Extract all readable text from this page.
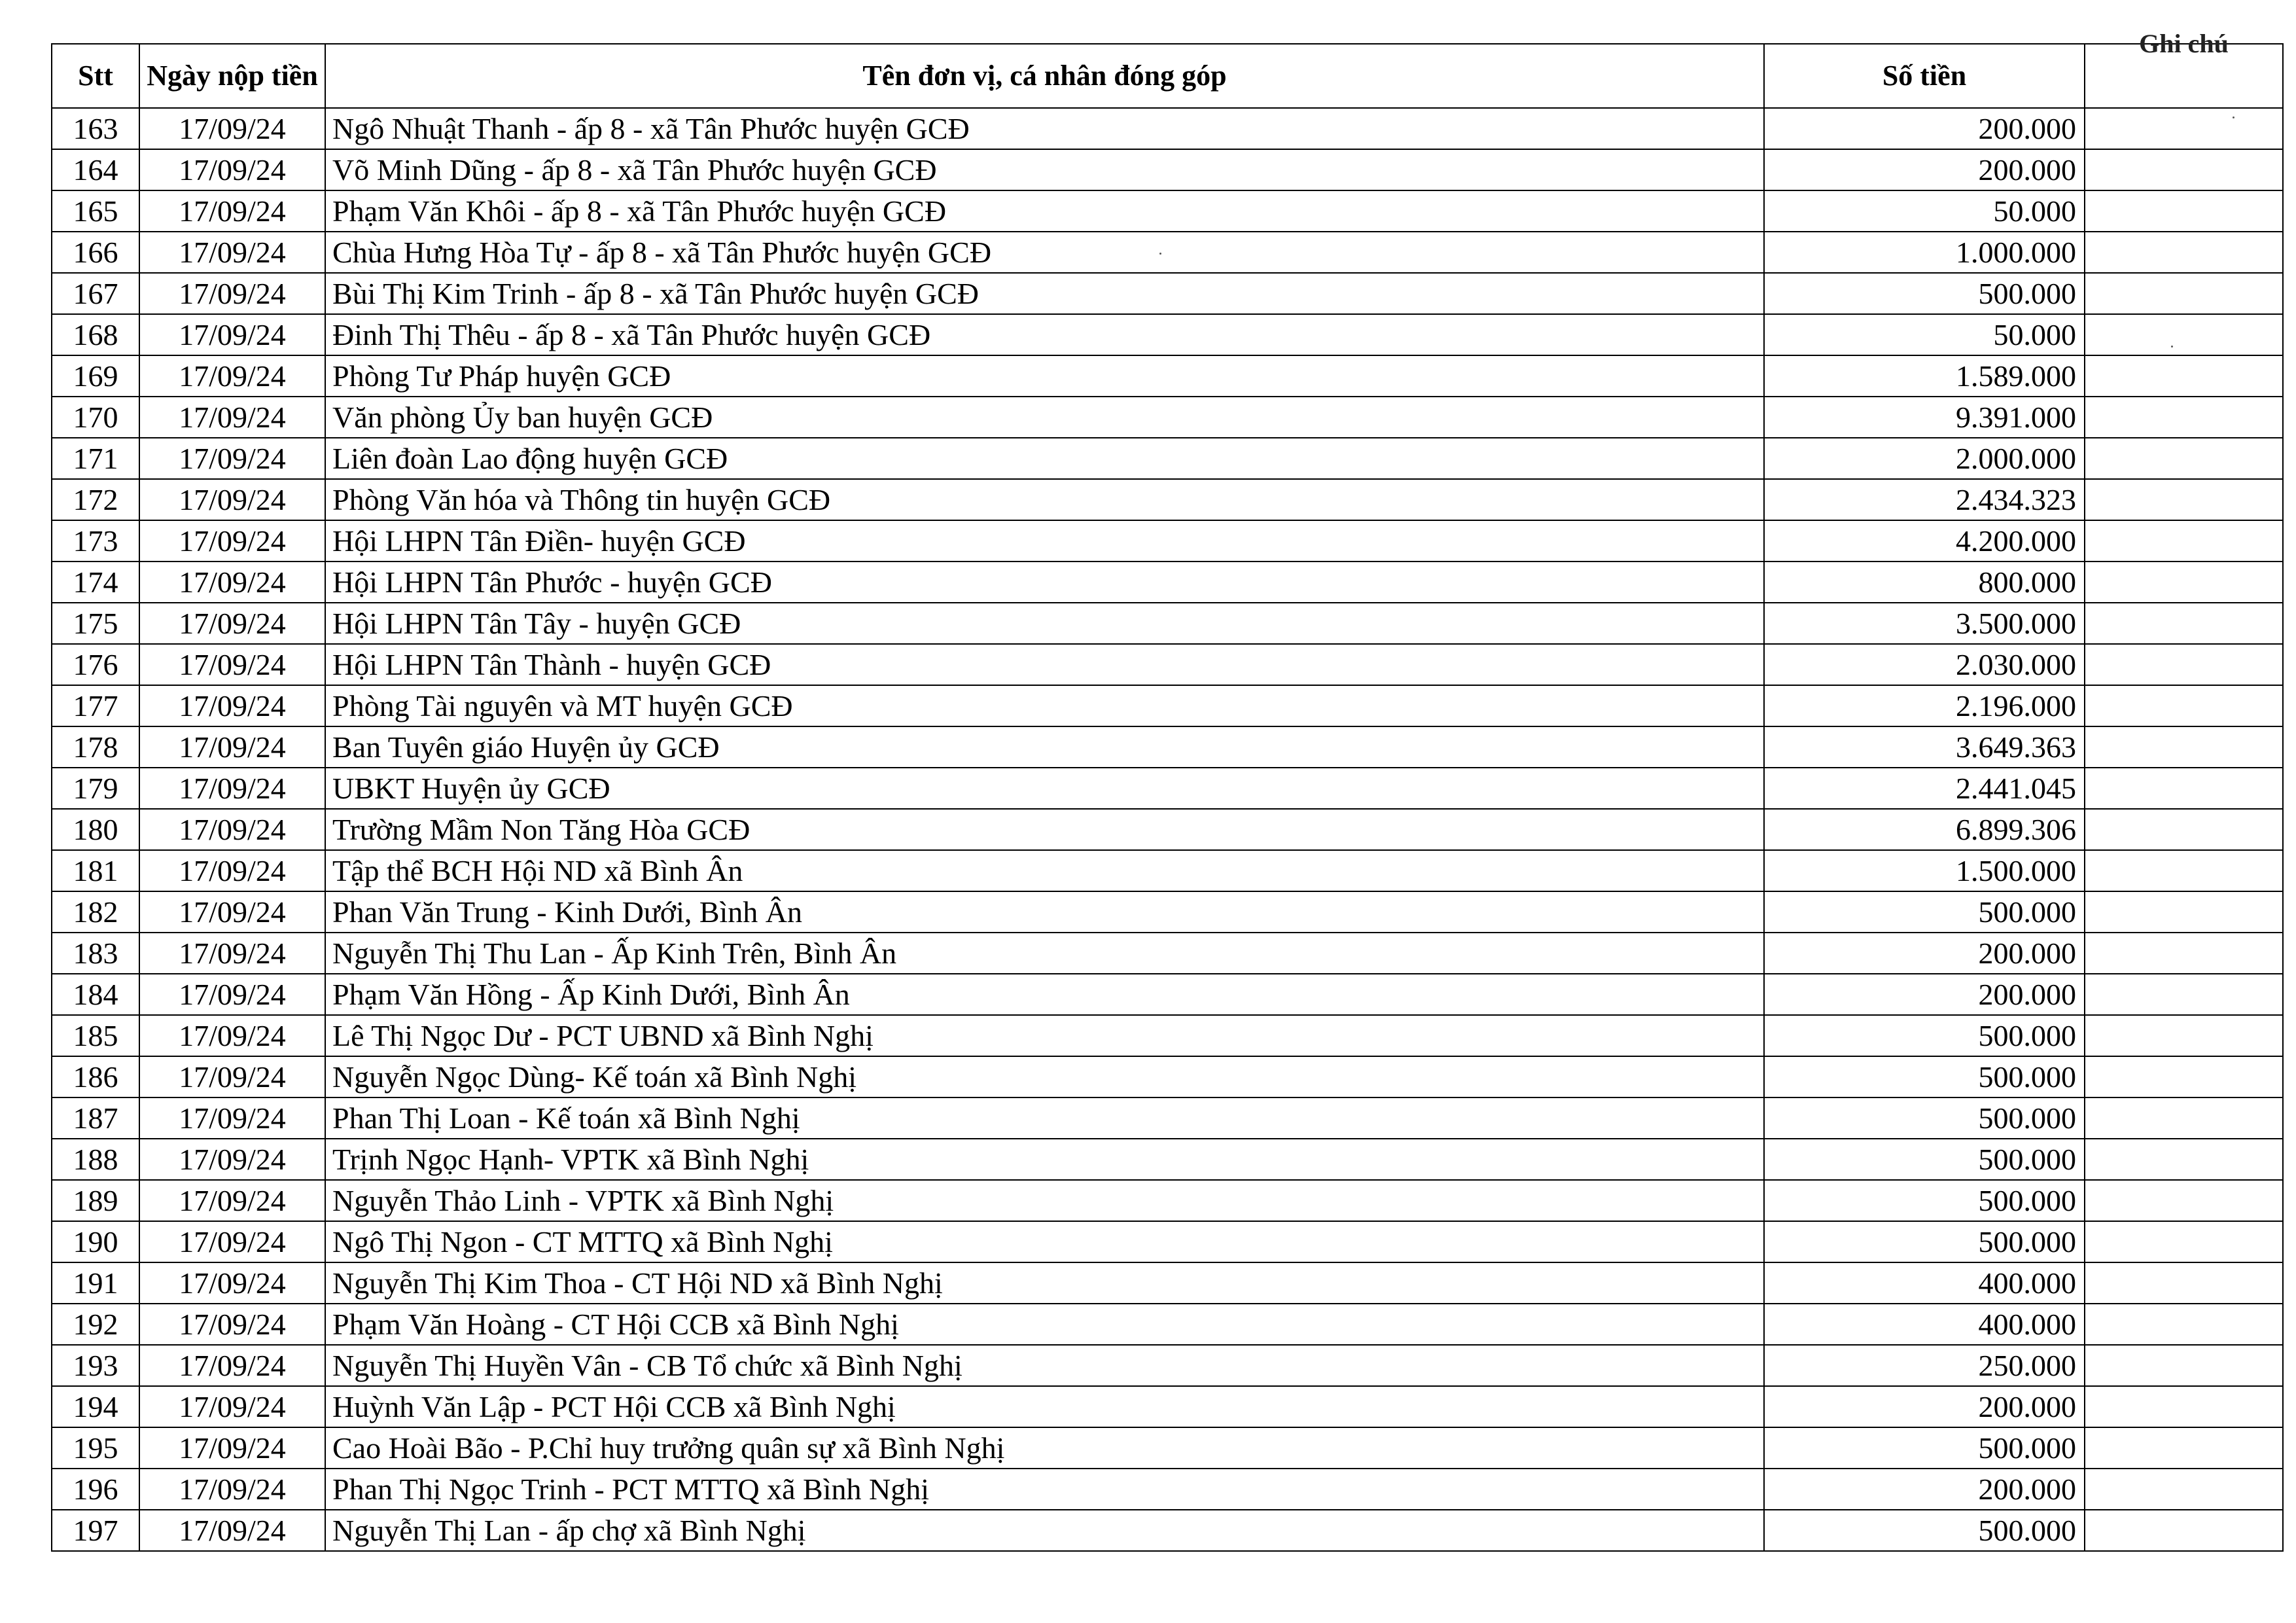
Stt	Ngày nộp tiền	Tên đơn vị, cá nhân đóng góp	Số tiền	Ghi chú

163	17/09/24	Ngô Nhuật Thanh - ấp 8 - xã Tân Phước huyện GCĐ	200.000	
164	17/09/24	Võ Minh Dũng - ấp 8 - xã Tân Phước huyện GCĐ	200.000	
165	17/09/24	Phạm Văn Khôi - ấp 8 - xã Tân Phước huyện GCĐ	50.000	
166	17/09/24	Chùa Hưng Hòa Tự - ấp 8 - xã Tân Phước huyện GCĐ	1.000.000	
167	17/09/24	Bùi Thị Kim Trinh - ấp 8 - xã Tân Phước huyện GCĐ	500.000	
168	17/09/24	Đinh Thị Thêu - ấp 8 - xã Tân Phước huyện GCĐ	50.000	
169	17/09/24	Phòng Tư Pháp huyện GCĐ	1.589.000	
170	17/09/24	Văn phòng Ủy ban huyện GCĐ	9.391.000	
171	17/09/24	Liên đoàn Lao động huyện GCĐ	2.000.000	
172	17/09/24	Phòng Văn hóa và Thông tin huyện GCĐ	2.434.323	
173	17/09/24	Hội LHPN Tân Điền- huyện GCĐ	4.200.000	
174	17/09/24	Hội LHPN Tân Phước - huyện GCĐ	800.000	
175	17/09/24	Hội LHPN Tân Tây - huyện GCĐ	3.500.000	
176	17/09/24	Hội LHPN Tân Thành - huyện GCĐ	2.030.000	
177	17/09/24	Phòng Tài nguyên và MT huyện GCĐ	2.196.000	
178	17/09/24	Ban Tuyên giáo Huyện ủy GCĐ	3.649.363	
179	17/09/24	UBKT Huyện ủy GCĐ	2.441.045	
180	17/09/24	Trường Mầm Non Tăng Hòa GCĐ	6.899.306	
181	17/09/24	Tập thể BCH Hội ND xã Bình Ân	1.500.000	
182	17/09/24	Phan Văn Trung - Kinh Dưới, Bình Ân	500.000	
183	17/09/24	Nguyễn Thị Thu Lan - Ấp Kinh Trên, Bình Ân	200.000	
184	17/09/24	Phạm Văn Hồng - Ấp Kinh Dưới, Bình Ân	200.000	
185	17/09/24	Lê Thị Ngọc Dư - PCT UBND xã Bình Nghị	500.000	
186	17/09/24	Nguyễn Ngọc Dùng- Kế toán xã Bình Nghị	500.000	
187	17/09/24	Phan Thị Loan - Kế toán xã Bình Nghị	500.000	
188	17/09/24	Trịnh Ngọc Hạnh- VPTK xã Bình Nghị	500.000	
189	17/09/24	Nguyễn Thảo Linh - VPTK xã Bình Nghị	500.000	
190	17/09/24	Ngô Thị Ngon - CT MTTQ xã Bình Nghị	500.000	
191	17/09/24	Nguyễn Thị Kim Thoa - CT Hội ND xã Bình Nghị	400.000	
192	17/09/24	Phạm Văn Hoàng - CT Hội CCB xã Bình Nghị	400.000	
193	17/09/24	Nguyễn Thị Huyền Vân - CB Tổ chức xã Bình Nghị	250.000	
194	17/09/24	Huỳnh Văn Lập - PCT Hội CCB xã Bình Nghị	200.000	
195	17/09/24	Cao Hoài Bão - P.Chỉ huy trưởng quân sự xã Bình Nghị	500.000	
196	17/09/24	Phan Thị Ngọc Trinh - PCT MTTQ xã Bình Nghị	200.000	
197	17/09/24	Nguyễn Thị Lan - ấp chợ xã Bình Nghị	500.000	
